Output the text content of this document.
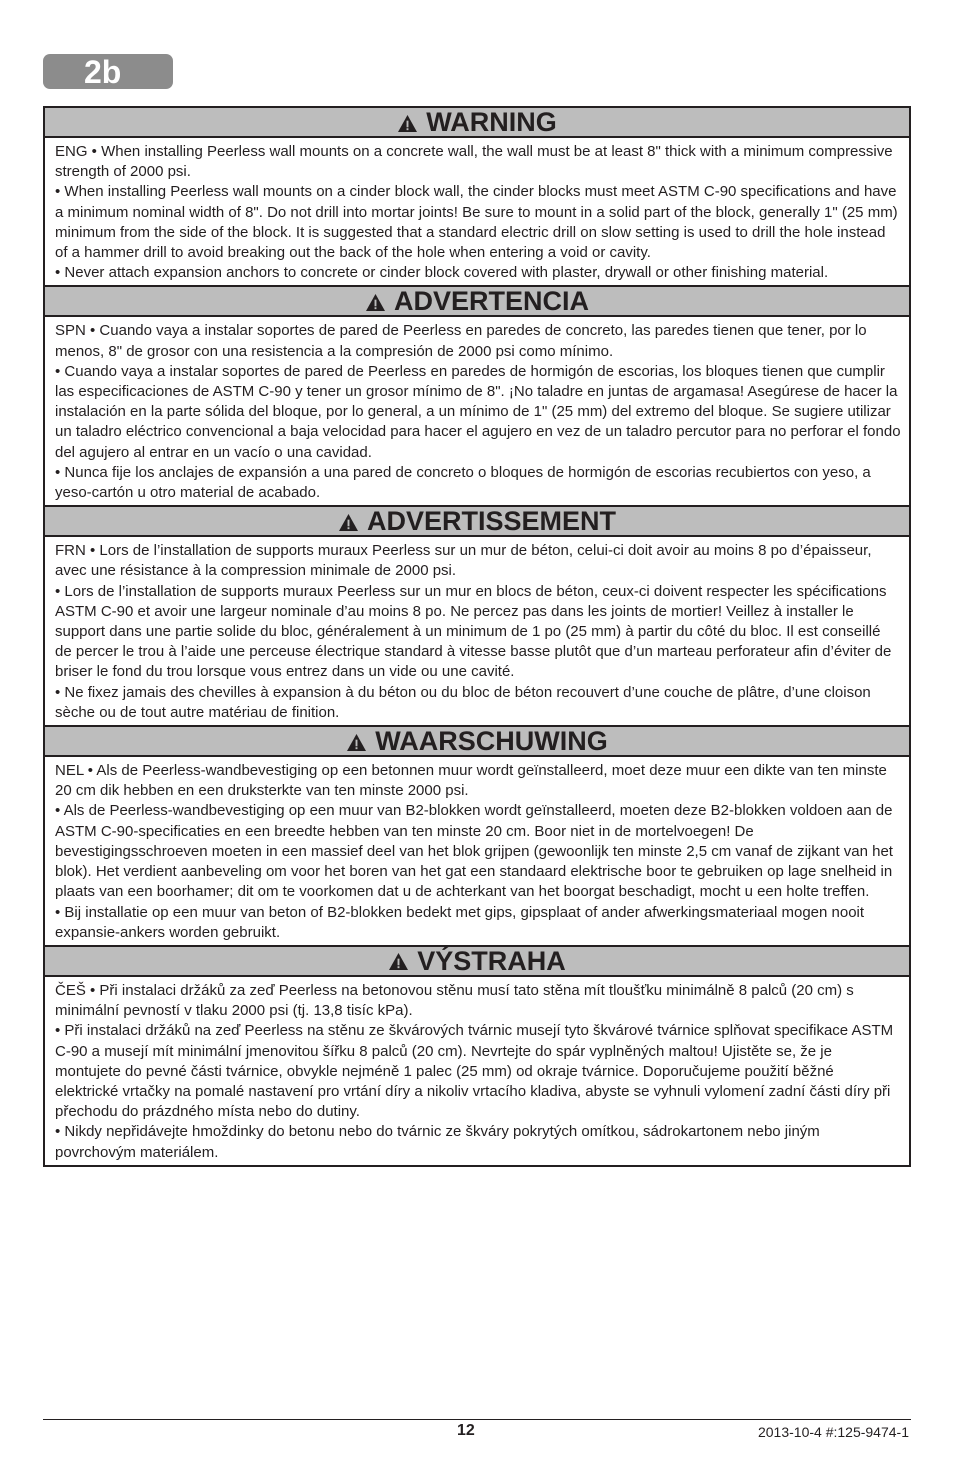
2b
WARNING

ENG • When installing Peerless wall mounts on a concrete wall, the wall must be at least 8" thick with a minimum compressive strength of 2000 psi.

• When installing Peerless wall mounts on a cinder block wall, the cinder blocks must meet ASTM C-90 specifications and have a minimum nominal width of 8". Do not drill into mortar joints! Be sure to mount in a solid part of the block, generally 1" (25 mm) minimum from the side of the block. It is suggested that a standard electric drill on slow setting is used to drill the hole instead of a hammer drill to avoid breaking out the back of the hole when entering a void or cavity.

• Never attach expansion anchors to concrete or cinder block covered with plaster, drywall or other finishing material.

ADVERTENCIA

SPN • Cuando vaya a instalar soportes de pared de Peerless en paredes de concreto, las paredes tienen que tener, por lo menos, 8" de grosor con una resistencia a la compresión de 2000 psi como mínimo.

• Cuando vaya a instalar soportes de pared de Peerless en paredes de hormigón de escorias, los bloques tienen que cumplir las especificaciones de ASTM C-90 y tener un grosor mínimo de 8". ¡No taladre en juntas de argamasa! Asegúrese de hacer la instalación en la parte sólida del bloque, por lo general, a un mínimo de 1" (25 mm) del extremo del bloque. Se sugiere utilizar un taladro eléctrico convencional a baja velocidad para hacer el agujero en vez de un taladro percutor para no perforar el fondo del agujero al entrar en un vacío o una cavidad.

• Nunca fije los anclajes de expansión a una pared de concreto o bloques de hormigón de escorias recubiertos con yeso, a yeso-cartón u otro material de acabado.

ADVERTISSEMENT

FRN • Lors de l’installation de supports muraux Peerless sur un mur de béton, celui-ci doit avoir au moins 8 po d’épaisseur, avec une résistance à la compression minimale de 2000 psi.

• Lors de l’installation de supports muraux Peerless sur un mur en blocs de béton, ceux-ci doivent respecter les spécifications ASTM C-90 et avoir une largeur nominale d’au moins 8 po. Ne percez pas dans les joints de mortier! Veillez à installer le support dans une partie solide du bloc, généralement à un minimum de 1 po (25 mm) à partir du côté du bloc. Il est conseillé de percer le trou à l’aide une perceuse électrique standard à vitesse basse plutôt que d’un marteau perforateur afin d’éviter de briser le fond du trou lorsque vous entrez dans un vide ou une cavité.

• Ne fixez jamais des chevilles à expansion à du béton ou du bloc de béton recouvert d’une couche de plâtre, d’une cloison sèche ou de tout autre matériau de finition.

WAARSCHUWING

NEL • Als de Peerless-wandbevestiging op een betonnen muur wordt geïnstalleerd, moet deze muur een dikte van ten minste 20 cm dik hebben en een druksterkte van ten minste 2000 psi.

• Als de Peerless-wandbevestiging op een muur van B2-blokken wordt geïnstalleerd, moeten deze B2-blokken voldoen aan de ASTM C-90-specificaties en een breedte hebben van ten minste 20 cm. Boor niet in de mortelvoegen! De bevestigingsschroeven moeten in een massief deel van het blok grijpen (gewoonlijk ten minste 2,5 cm vanaf de zijkant van het blok). Het verdient aanbeveling om voor het boren van het gat een standaard elektrische boor te gebruiken op lage snelheid in plaats van een boorhamer; dit om te voorkomen dat u de achterkant van het boorgat beschadigt, mocht u een holte treffen.

• Bij installatie op een muur van beton of B2-blokken bedekt met gips, gipsplaat of ander afwerkingsmateriaal mogen nooit expansie-ankers worden gebruikt.

VÝSTRAHA

ČEŠ • Při instalaci držáků za zeď Peerless na betonovou stěnu musí tato stěna mít tloušťku minimálně 8 palců (20 cm) s minimální pevností v tlaku 2000 psi (tj. 13,8 tisíc kPa).

• Při instalaci držáků na zeď Peerless na stěnu ze škvárových tvárnic musejí tyto škvárové tvárnice splňovat specifikace ASTM C-90 a musejí mít minimální jmenovitou šířku 8 palců (20 cm). Nevrtejte do spár vyplněných maltou! Ujistěte se, že je montujete do pevné části tvárnice, obvykle nejméně 1 palec (25 mm) od okraje tvárnice. Doporučujeme použití běžné elektrické vrtačky na pomalé nastavení pro vrtání díry a nikoliv vrtacího kladiva, abyste se vyhnuli vylomení zadní části díry při přechodu do prázdného místa nebo do dutiny.

• Nikdy nepřidávejte hmoždinky do betonu nebo do tvárnic ze škváry pokrytých omítkou, sádrokartonem nebo jiným povrchovým materiálem.

12	2013-10-4 #:125-9474-1
